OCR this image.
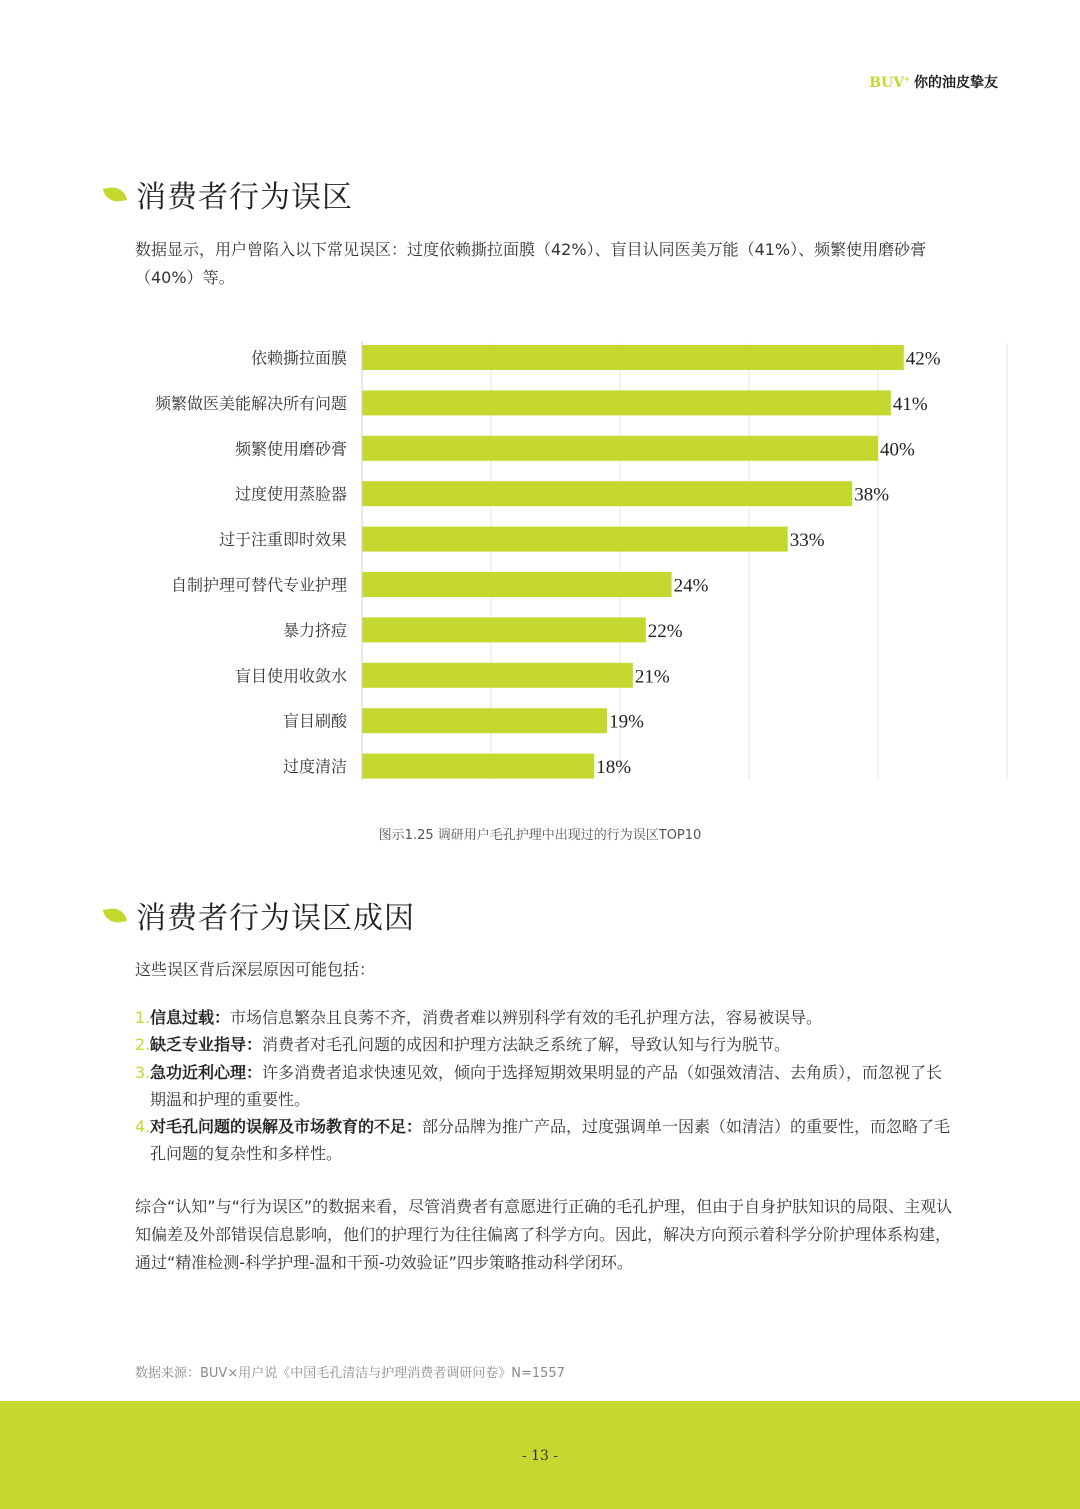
BUV+ 你的油皮挚友
消费者行为误区

数据显示，用户曾陷入以下常见误区：过度依赖撕拉面膜（42%）、盲目认同医美万能（41%）、频繁使用磨砂膏（40%）等。

依赖撕拉面膜	42%
频繁做医美能解决所有问题	41%
频繁使用磨砂膏	40%
过度使用蒸脸器	38%
过于注重即时效果	33%
自制护理可替代专业护理	24%
暴力挤痘	22%
盲目使用收敛水	21%
盲目刷酸	19%
过度清洁	18%
图示1.25 调研用户毛孔护理中出现过的行为误区TOP10
消费者行为误区成因

这些误区背后深层原因可能包括：

1. 信息过载：市场信息繁杂且良莠不齐，消费者难以辨别科学有效的毛孔护理方法，容易被误导。
2. 缺乏专业指导：消费者对毛孔问题的成因和护理方法缺乏系统了解，导致认知与行为脱节。
3. 急功近利心理：许多消费者追求快速见效，倾向于选择短期效果明显的产品（如强效清洁、去角质），而忽视了长期温和护理的重要性。
4. 对毛孔问题的误解及市场教育的不足：部分品牌为推广产品，过度强调单一因素（如清洁）的重要性，而忽略了毛孔问题的复杂性和多样性。

综合“认知”与“行为误区”的数据来看，尽管消费者有意愿进行正确的毛孔护理，但由于自身护肤知识的局限、主观认知偏差及外部错误信息影响，他们的护理行为往往偏离了科学方向。因此，解决方向预示着科学分阶护理体系构建，通过“精准检测-科学护理-温和干预-功效验证”四步策略推动科学闭环。

数据来源：BUV×用户说《中国毛孔清洁与护理消费者调研问卷》N=1557
- 13 -
